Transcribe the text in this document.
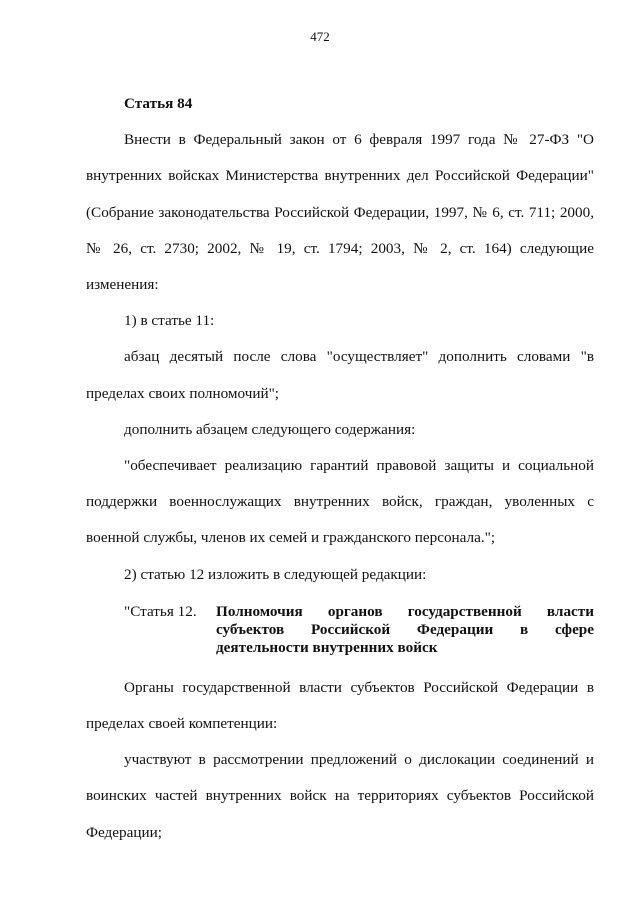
472
Статья 84

Внести в Федеральный закон от 6 февраля 1997 года № 27-ФЗ "О внутренних войсках Министерства внутренних дел Российской Федерации" (Собрание законодательства Российской Федерации, 1997, № 6, ст. 711; 2000, № 26, ст. 2730; 2002, № 19, ст. 1794; 2003, № 2, ст. 164) следующие изменения:

1) в статье 11:

абзац десятый после слова "осуществляет" дополнить словами "в пределах своих полномочий";

дополнить абзацем следующего содержания:

"обеспечивает реализацию гарантий правовой защиты и социальной поддержки военнослужащих внутренних войск, граждан, уволенных с военной службы, членов их семей и гражданского персонала.";

2) статью 12 изложить в следующей редакции:

"Статья 12.	Полномочия органов государственной власти субъектов Российской Федерации в сфере деятельности внутренних войск

Органы государственной власти субъектов Российской Федерации в пределах своей компетенции:

участвуют в рассмотрении предложений о дислокации соединений и воинских частей внутренних войск на территориях субъектов Российской Федерации;
